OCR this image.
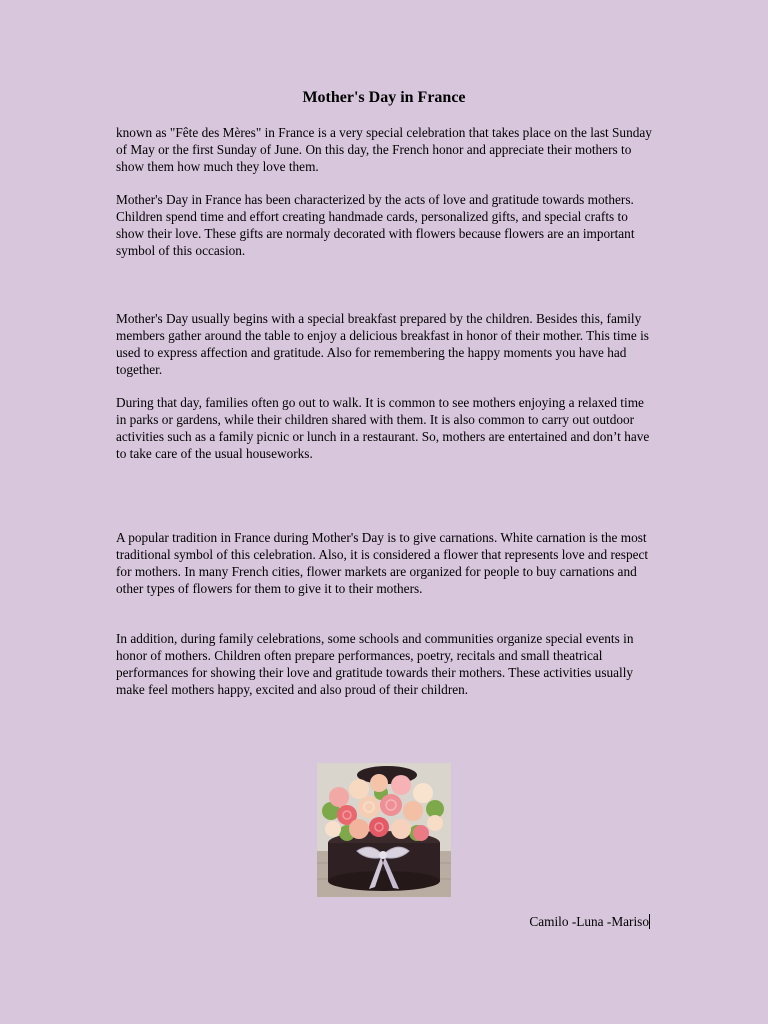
Mother's Day in France

known as "Fête des Mères" in France is a very special celebration that takes place on the last Sunday of May or the first Sunday of June. On this day, the French honor and appreciate their mothers to show them how much they love them.

Mother's Day in France has been characterized by the acts of love and gratitude towards mothers. Children spend time and effort creating handmade cards, personalized gifts, and special crafts to show their love. These gifts are normaly decorated with flowers because flowers are an important symbol of this occasion.

Mother's Day usually begins with a special breakfast prepared by the children. Besides this, family members gather around the table to enjoy a delicious breakfast in honor of their mother. This time is used to express affection and gratitude. Also for remembering the happy moments you have had together.

During that day, families often go out to walk. It is common to see mothers enjoying a relaxed time in parks or gardens, while their children shared with them. It is also common to carry out outdoor activities such as a family picnic or lunch in a restaurant. So, mothers are entertained and don’t have to take care of the usual houseworks.

A popular tradition in France during Mother's Day is to give carnations. White carnation is the most traditional symbol of this celebration. Also, it is considered a flower that represents love and respect for mothers. In many French cities, flower markets are organized for people to buy carnations and other types of flowers for them to give it to their mothers.

In addition, during family celebrations, some schools and communities organize special events in honor of mothers. Children often prepare performances, poetry, recitals and small theatrical performances for showing their love and gratitude towards their mothers. These activities usually make feel mothers happy, excited and also proud of their children.

Camilo -Luna -Mariso
